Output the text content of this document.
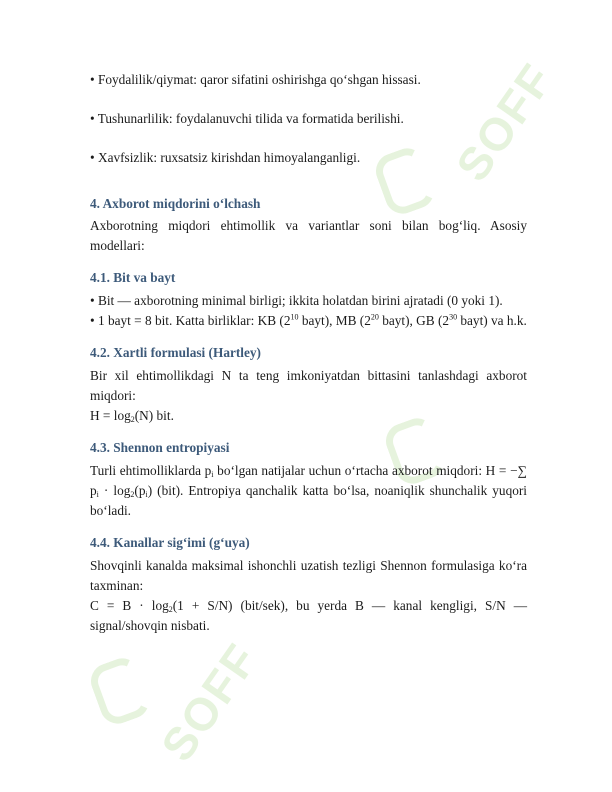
SOFF
SOFF

• Foydalilik/qiymat: qaror sifatini oshirishga qo‘shgan hissasi.

• Tushunarlilik: foydalanuvchi tilida va formatida berilishi.

• Xavfsizlik: ruxsatsiz kirishdan himoyalanganligi.

4. Axborot miqdorini o‘lchash

Axborotning miqdori ehtimollik va variantlar soni bilan bog‘liq. Asosiy modellari:

4.1. Bit va bayt

• Bit — axborotning minimal birligi; ikkita holatdan birini ajratadi (0 yoki 1).

• 1 bayt = 8 bit. Katta birliklar: KB ($2^{10}$ bayt), MB ($2^{20}$ bayt), GB ($2^{30}$ bayt) va h.k.

4.2. Xartli formulasi (Hartley)

Bir xil ehtimollikdagi N ta teng imkoniyatdan bittasini tanlashdagi axborot miqdori:

$H = \log_2(N)$ bit.

4.3. Shennon entropiyasi

Turli ehtimolliklarda $p_i$ bo‘lgan natijalar uchun o‘rtacha axborot miqdori: H = −∑ $p_i \cdot \log_2(p_i)$ (bit). Entropiya qanchalik katta bo‘lsa, noaniqlik shunchalik yuqori bo‘ladi.

4.4. Kanallar sig‘imi (g‘uya)

Shovqinli kanalda maksimal ishonchli uzatish tezligi Shennon formulasiga ko‘ra taxminan:

$C = B \cdot \log_2(1 + S/N)$ (bit/sek), bu yerda B — kanal kengligi, S/N — signal/shovqin nisbati.
